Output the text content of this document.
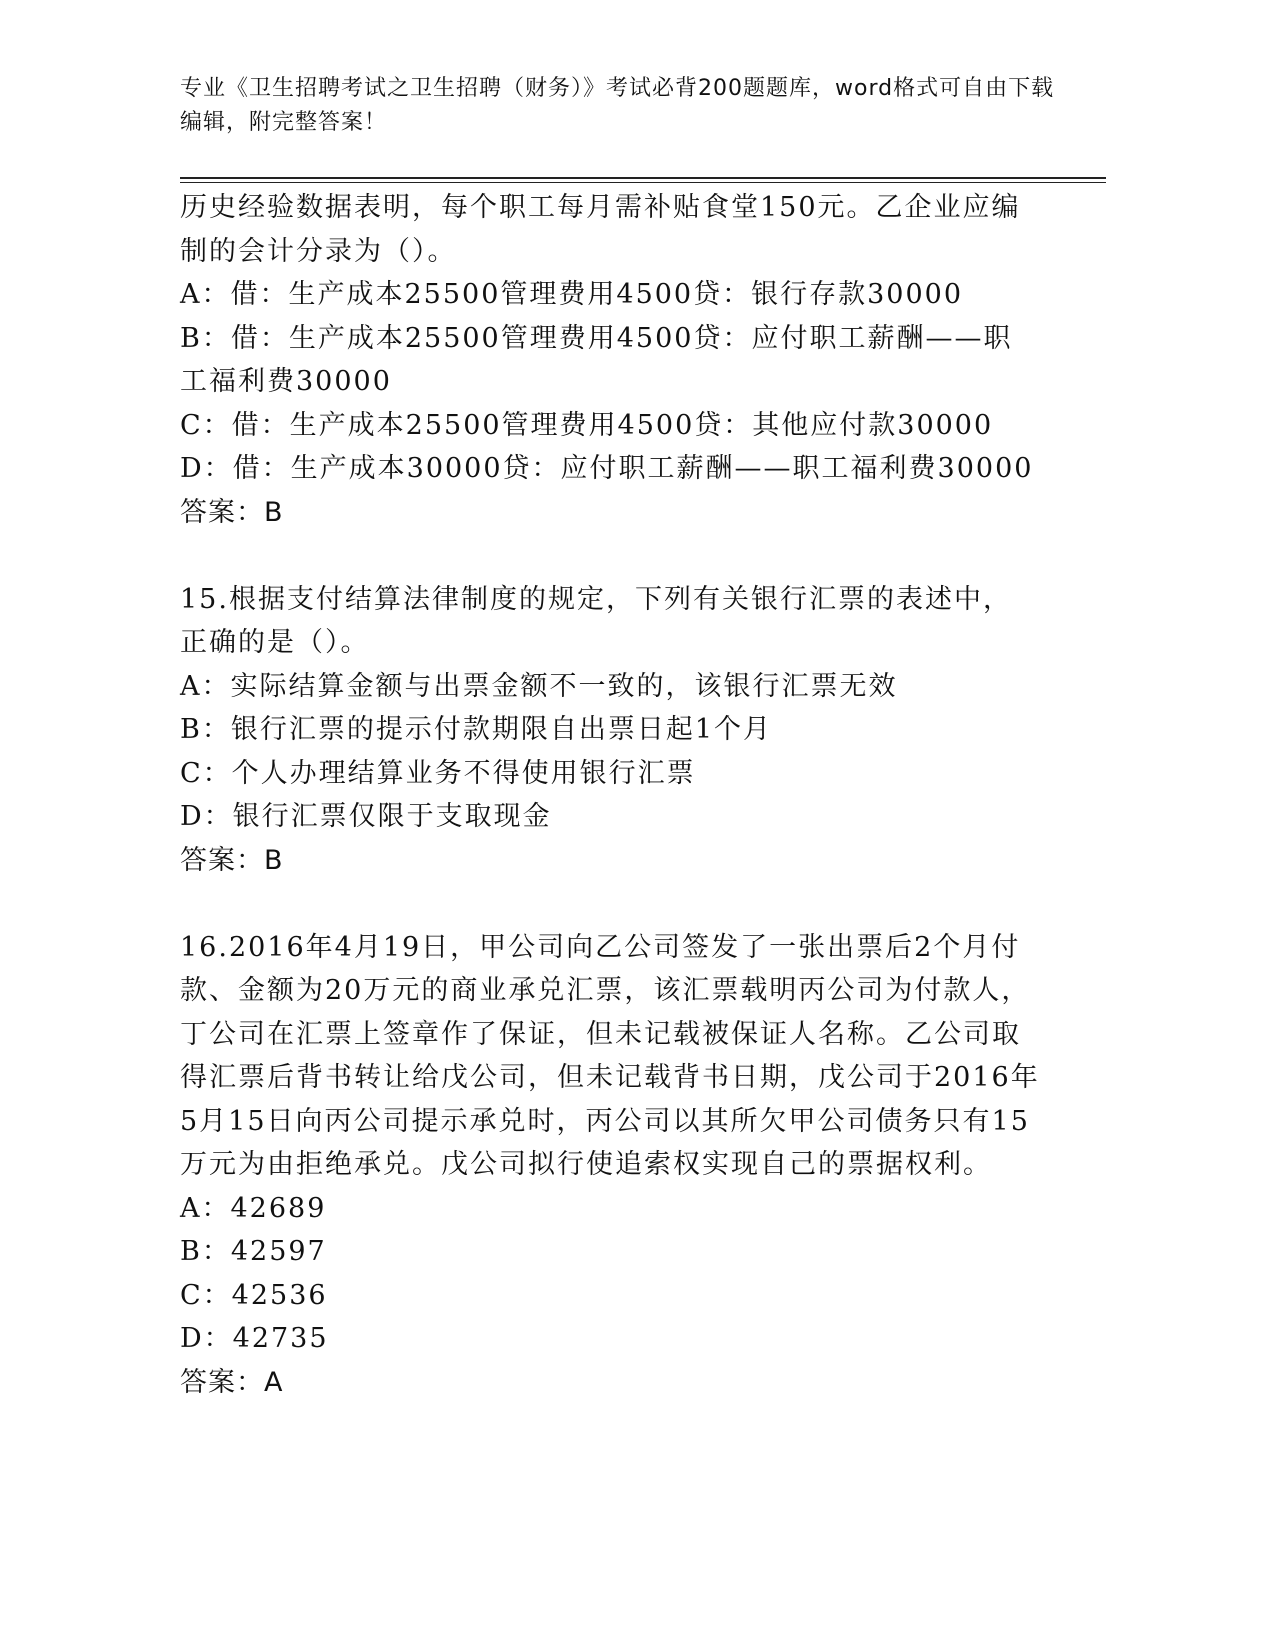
专业《卫生招聘考试之卫生招聘（财务）》考试必背200题题库，word格式可自由下载编辑，附完整答案！

历史经验数据表明，每个职工每月需补贴食堂150元。乙企业应编制的会计分录为（）。

A：借：生产成本25500管理费用4500贷：银行存款30000

B：借：生产成本25500管理费用4500贷：应付职工薪酬——职工福利费30000

C：借：生产成本25500管理费用4500贷：其他应付款30000

D：借：生产成本30000贷：应付职工薪酬——职工福利费30000

答案：B

15.根据支付结算法律制度的规定，下列有关银行汇票的表述中，正确的是（）。

A：实际结算金额与出票金额不一致的，该银行汇票无效

B：银行汇票的提示付款期限自出票日起1个月

C：个人办理结算业务不得使用银行汇票

D：银行汇票仅限于支取现金

答案：B

16.2016年4月19日，甲公司向乙公司签发了一张出票后2个月付款、金额为20万元的商业承兑汇票，该汇票载明丙公司为付款人，丁公司在汇票上签章作了保证，但未记载被保证人名称。乙公司取得汇票后背书转让给戊公司，但未记载背书日期，戊公司于2016年5月15日向丙公司提示承兑时，丙公司以其所欠甲公司债务只有15万元为由拒绝承兑。戊公司拟行使追索权实现自己的票据权利。

A：42689

B：42597

C：42536

D：42735

答案：A
